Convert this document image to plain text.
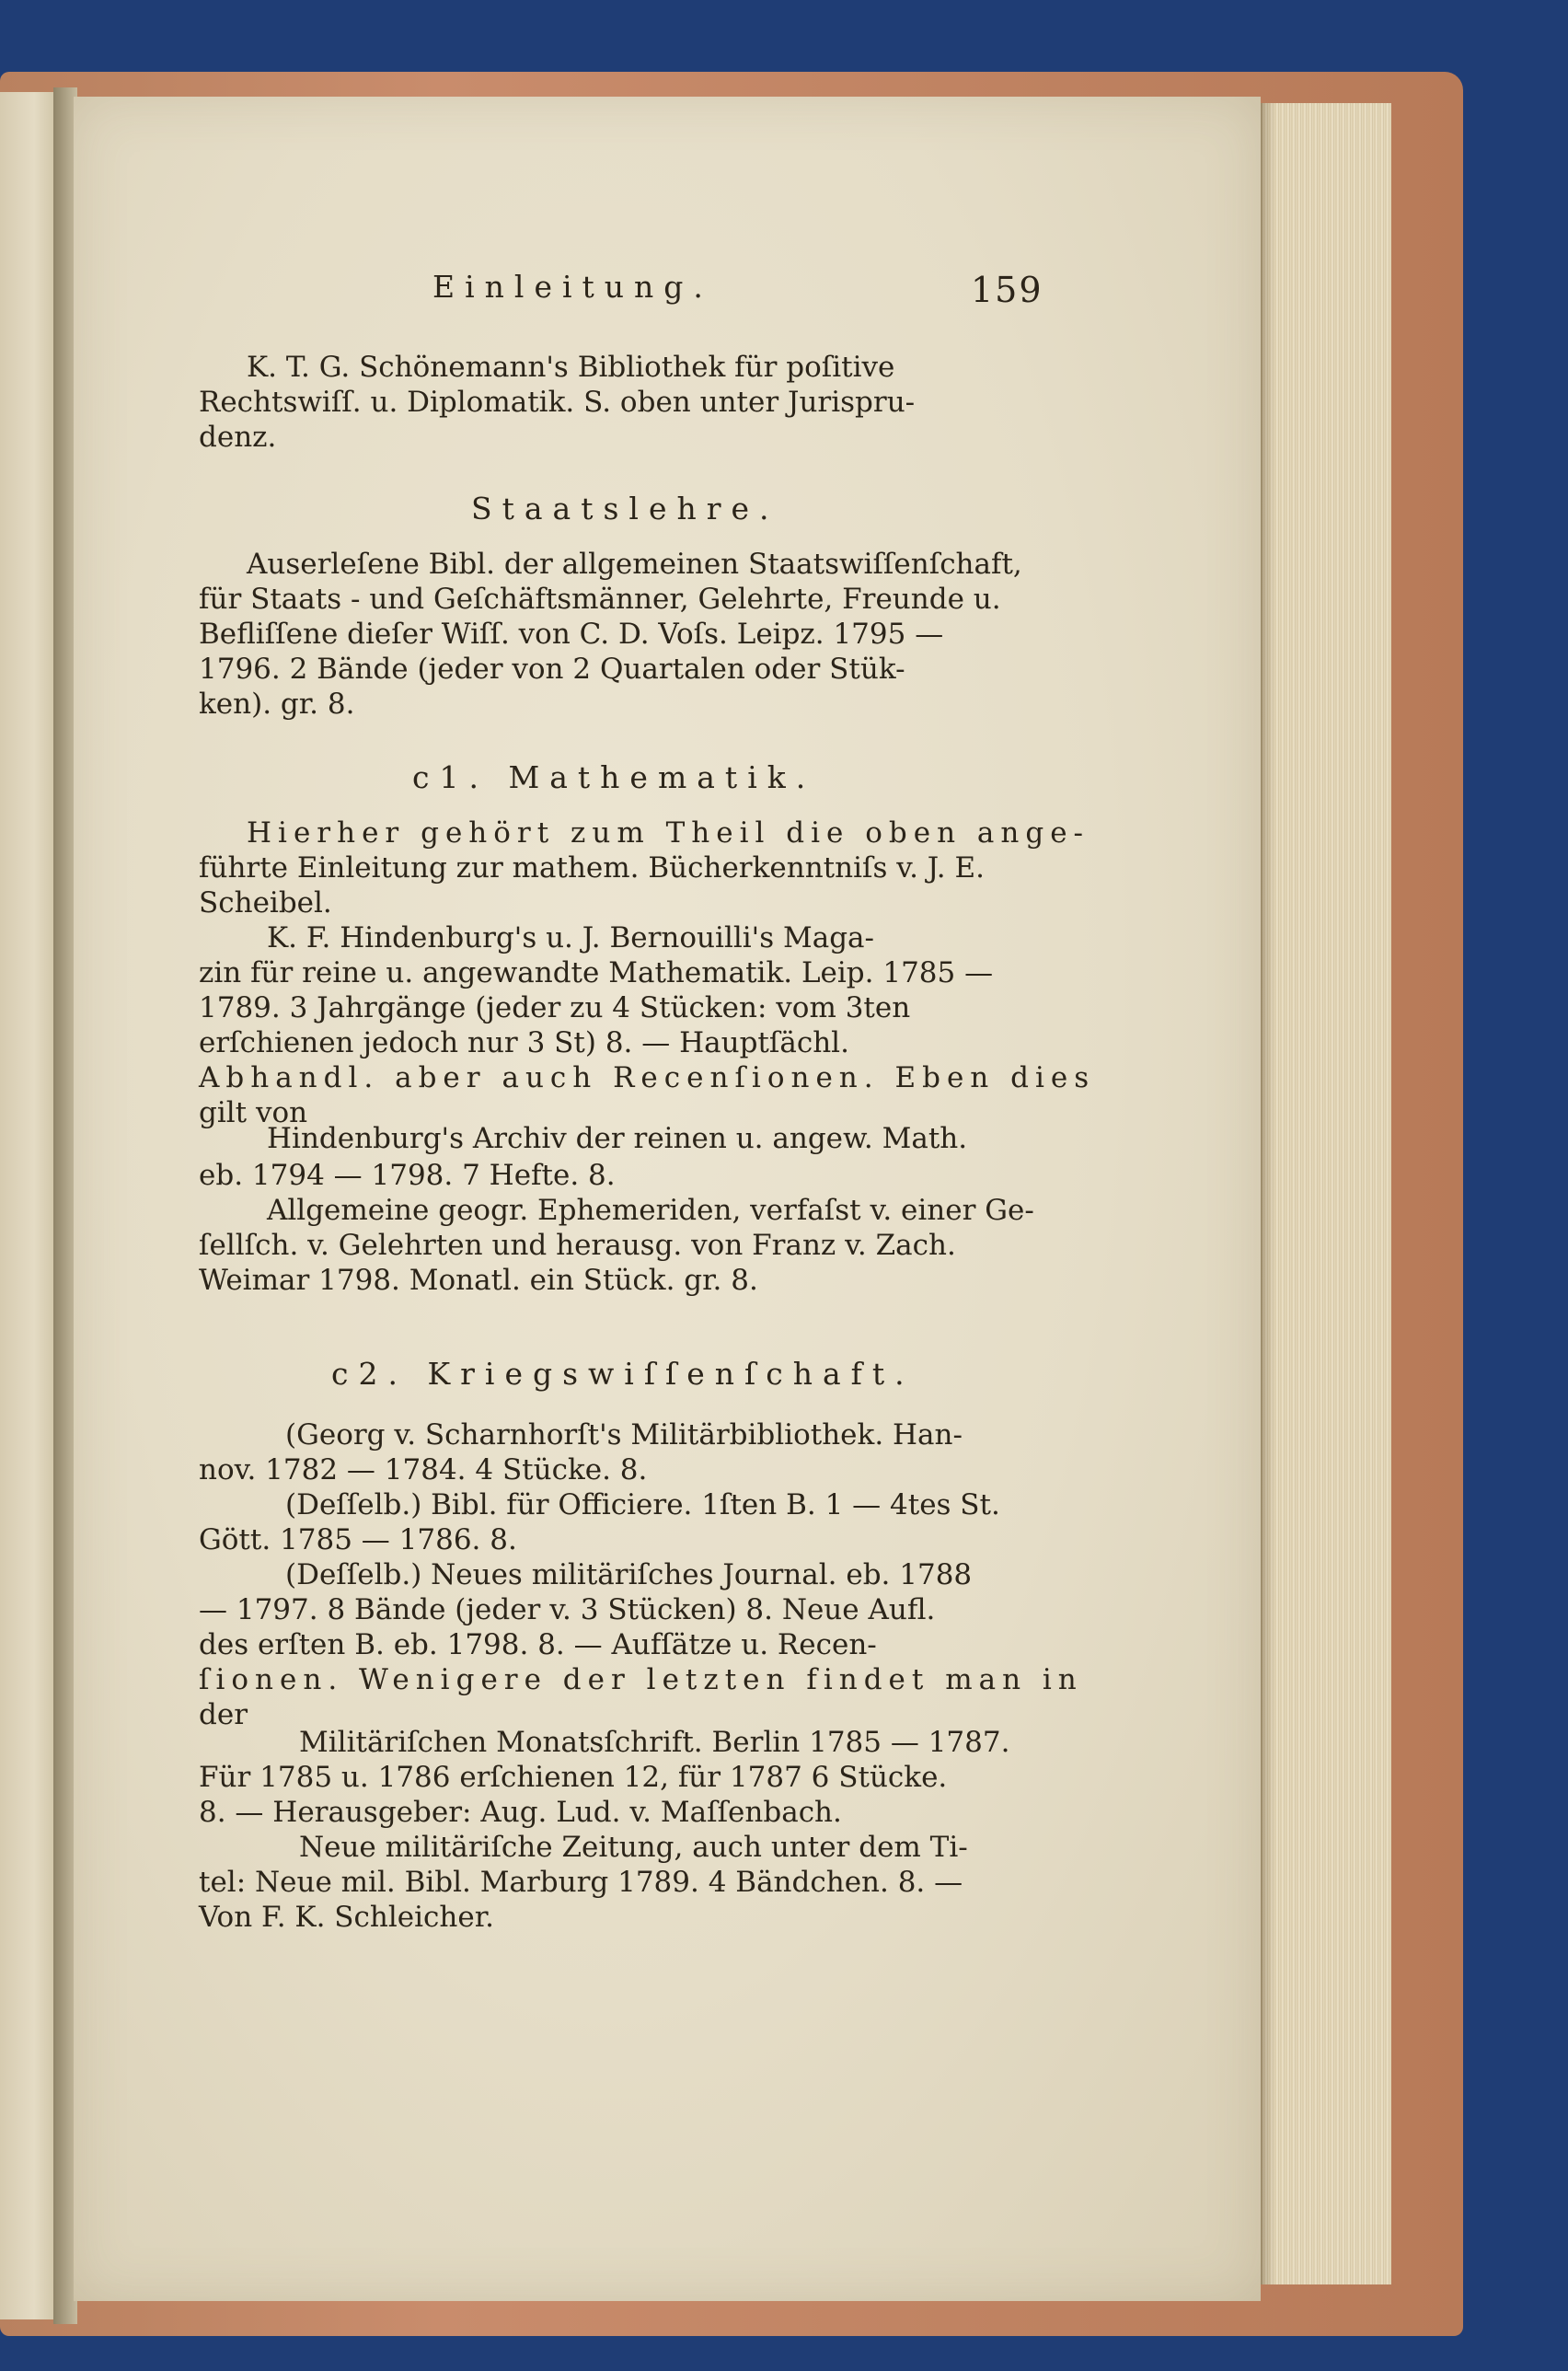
Einleitung.	159
K. T. G. Schönemann's Bibliothek für poſitive
Rechtswiſſ. u. Diplomatik. S. oben unter Jurispru-
denz.
Staatslehre.
Auserleſene Bibl. der allgemeinen Staatswiſſenſchaft,
für Staats - und Geſchäftsmänner, Gelehrte, Freunde u.
Befliſſene dieſer Wiſſ. von C. D. Voſs. Leipz. 1795 —
1796. 2 Bände (jeder von 2 Quartalen oder Stük-
ken). gr. 8.
c1. Mathematik.
Hierher gehört zum Theil die oben ange-
führte Einleitung zur mathem. Bücherkenntniſs v. J. E.
Scheibel.
K. F. Hindenburg's u. J. Bernouilli's Maga-
zin für reine u. angewandte Mathematik. Leip. 1785 —
1789. 3 Jahrgänge (jeder zu 4 Stücken: vom 3ten
erſchienen jedoch nur 3 St) 8. — Hauptſächl.
Abhandl. aber auch Recenſionen. Eben dies
gilt von
Hindenburg's Archiv der reinen u. angew. Math.
eb. 1794 — 1798. 7 Hefte. 8.
Allgemeine geogr. Ephemeriden, verfaſst v. einer Ge-
ſellſch. v. Gelehrten und herausg. von Franz v. Zach.
Weimar 1798. Monatl. ein Stück. gr. 8.
c2. Kriegswiſſenſchaft.
(Georg v. Scharnhorſt's Militärbibliothek. Han-
nov. 1782 — 1784. 4 Stücke. 8.
(Deſſelb.) Bibl. für Officiere. 1ſten B. 1 — 4tes St.
Gött. 1785 — 1786. 8.
(Deſſelb.) Neues militäriſches Journal. eb. 1788
— 1797. 8 Bände (jeder v. 3 Stücken) 8. Neue Aufl.
des erſten B. eb. 1798. 8. — Aufſätze u. Recen-
ſionen. Wenigere der letzten findet man in
der
Militäriſchen Monatsſchrift. Berlin 1785 — 1787.
Für 1785 u. 1786 erſchienen 12, für 1787 6 Stücke.
8. — Herausgeber: Aug. Lud. v. Maſſenbach.
Neue militäriſche Zeitung, auch unter dem Ti-
tel: Neue mil. Bibl. Marburg 1789. 4 Bändchen. 8. —
Von F. K. Schleicher.
